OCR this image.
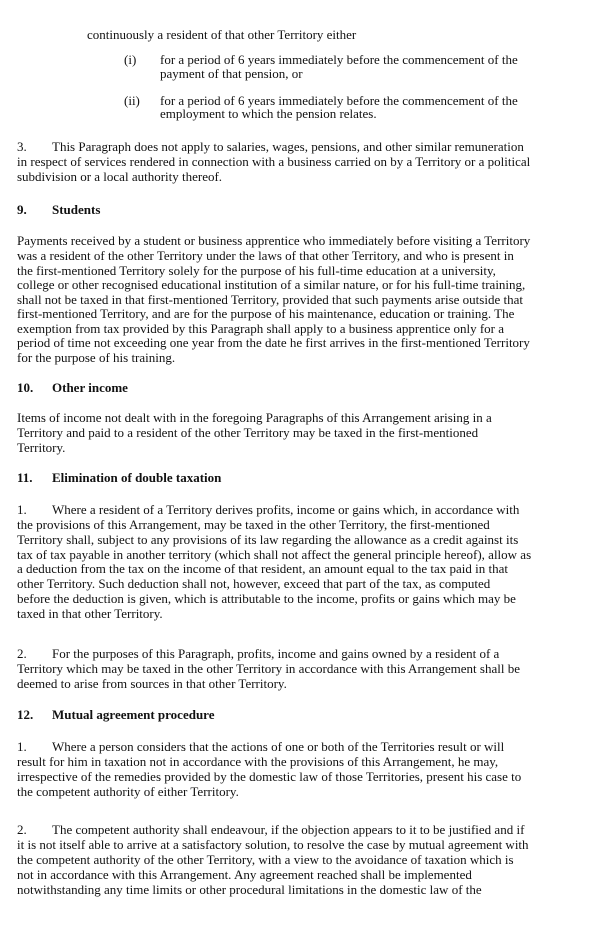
continuously a resident of that other Territory either
(i) for a period of 6 years immediately before the commencement of the
payment of that pension, or
(ii) for a period of 6 years immediately before the commencement of the
employment to which the pension relates.
3. This Paragraph does not apply to salaries, wages, pensions, and other similar remuneration
in respect of services rendered in connection with a business carried on by a Territory or a political
subdivision or a local authority thereof.
9. Students
Payments received by a student or business apprentice who immediately before visiting a Territory
was a resident of the other Territory under the laws of that other Territory, and who is present in
the first-mentioned Territory solely for the purpose of his full-time education at a university,
college or other recognised educational institution of a similar nature, or for his full-time training,
shall not be taxed in that first-mentioned Territory, provided that such payments arise outside that
first-mentioned Territory, and are for the purpose of his maintenance, education or training. The
exemption from tax provided by this Paragraph shall apply to a business apprentice only for a
period of time not exceeding one year from the date he first arrives in the first-mentioned Territory
for the purpose of his training.
10. Other income
Items of income not dealt with in the foregoing Paragraphs of this Arrangement arising in a
Territory and paid to a resident of the other Territory may be taxed in the first-mentioned
Territory.
11. Elimination of double taxation
1. Where a resident of a Territory derives profits, income or gains which, in accordance with
the provisions of this Arrangement, may be taxed in the other Territory, the first-mentioned
Territory shall, subject to any provisions of its law regarding the allowance as a credit against its
tax of tax payable in another territory (which shall not affect the general principle hereof), allow as
a deduction from the tax on the income of that resident, an amount equal to the tax paid in that
other Territory. Such deduction shall not, however, exceed that part of the tax, as computed
before the deduction is given, which is attributable to the income, profits or gains which may be
taxed in that other Territory.
2. For the purposes of this Paragraph, profits, income and gains owned by a resident of a
Territory which may be taxed in the other Territory in accordance with this Arrangement shall be
deemed to arise from sources in that other Territory.
12. Mutual agreement procedure
1. Where a person considers that the actions of one or both of the Territories result or will
result for him in taxation not in accordance with the provisions of this Arrangement, he may,
irrespective of the remedies provided by the domestic law of those Territories, present his case to
the competent authority of either Territory.
2. The competent authority shall endeavour, if the objection appears to it to be justified and if
it is not itself able to arrive at a satisfactory solution, to resolve the case by mutual agreement with
the competent authority of the other Territory, with a view to the avoidance of taxation which is
not in accordance with this Arrangement. Any agreement reached shall be implemented
notwithstanding any time limits or other procedural limitations in the domestic law of the
